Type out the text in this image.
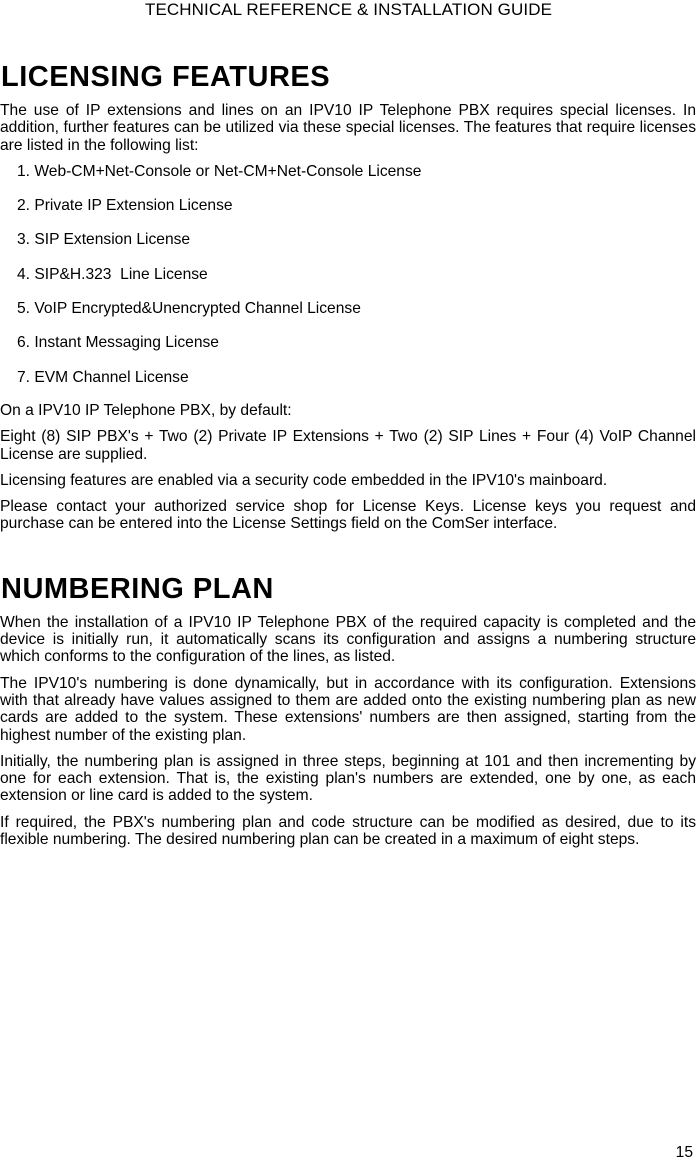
TECHNICAL REFERENCE & INSTALLATION GUIDE
LICENSING FEATURES

The use of IP extensions and lines on an IPV10 IP Telephone PBX requires special licenses. In addition, further features can be utilized via these special licenses. The features that require licenses are listed in the following list:

1. Web-CM+Net-Console or Net-CM+Net-Console License
2. Private IP Extension License
3. SIP Extension License
4. SIP&H.323  Line License
5. VoIP Encrypted&Unencrypted Channel License
6. Instant Messaging License
7. EVM Channel License

On a IPV10 IP Telephone PBX, by default:

Eight (8) SIP PBX's + Two (2) Private IP Extensions + Two (2) SIP Lines + Four (4) VoIP Channel License are supplied.

Licensing features are enabled via a security code embedded in the IPV10's mainboard.

Please contact your authorized service shop for License Keys. License keys you request and purchase can be entered into the License Settings field on the ComSer interface.

NUMBERING PLAN

When the installation of a IPV10 IP Telephone PBX of the required capacity is completed and the device is initially run, it automatically scans its configuration and assigns a numbering structure which conforms to the configuration of the lines, as listed.

The IPV10's numbering is done dynamically, but in accordance with its configuration. Extensions with that already have values assigned to them are added onto the existing numbering plan as new cards are added to the system. These extensions' numbers are then assigned, starting from the highest number of the existing plan.

Initially, the numbering plan is assigned in three steps, beginning at 101 and then incrementing by one for each extension. That is, the existing plan's numbers are extended, one by one, as each extension or line card is added to the system.

If required, the PBX's numbering plan and code structure can be modified as desired, due to its flexible numbering. The desired numbering plan can be created in a maximum of eight steps.

15
